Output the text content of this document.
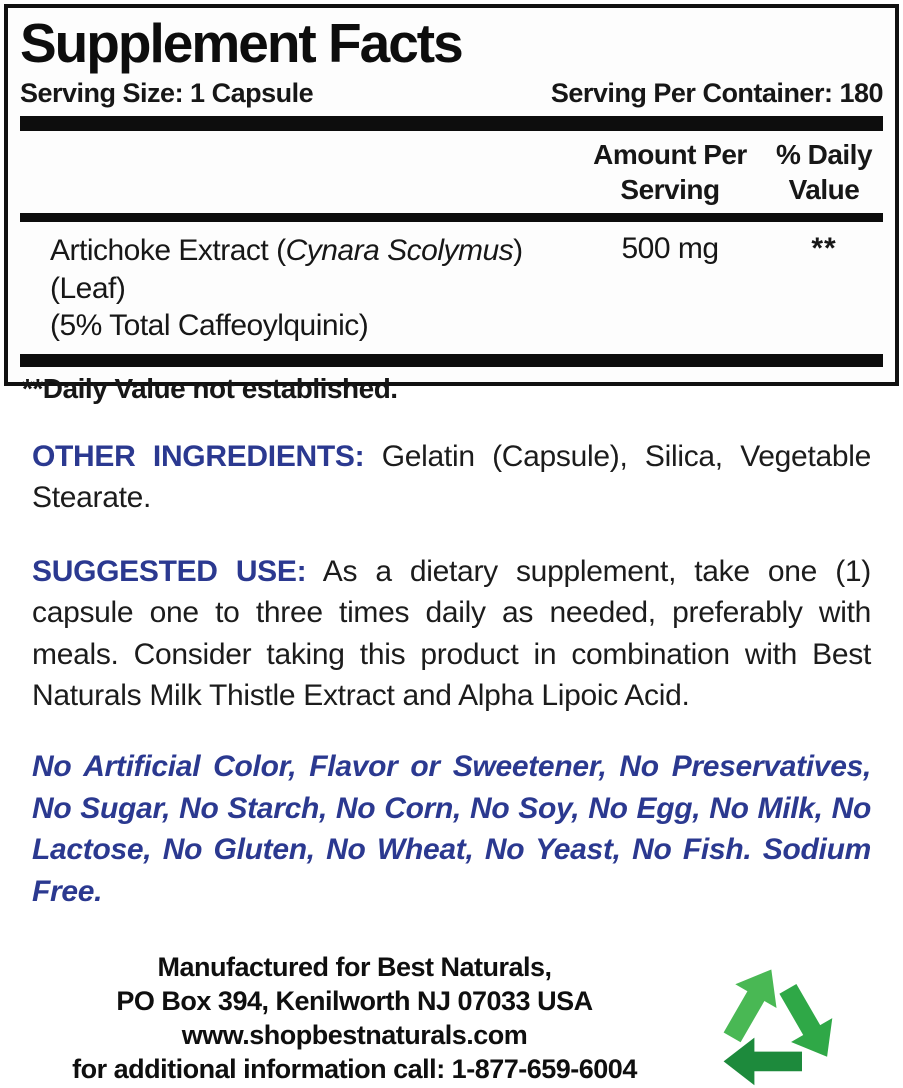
Supplement Facts
Serving Size: 1 Capsule	Serving Per Container: 180
Amount Per
Serving
% Daily
Value
Artichoke Extract (Cynara Scolymus) (Leaf)
(5% Total Caffeoylquinic)
500 mg	**
**Daily Value not established.

OTHER INGREDIENTS: Gelatin (Capsule), Silica, Vegetable Stearate.

SUGGESTED USE: As a dietary supplement, take one (1) capsule one to three times daily as needed, preferably with meals. Consider taking this product in combination with Best Naturals Milk Thistle Extract and Alpha Lipoic Acid.

No Artificial Color, Flavor or Sweetener, No Preservatives, No Sugar, No Starch, No Corn, No Soy, No Egg, No Milk, No Lactose, No Gluten, No Wheat, No Yeast, No Fish. Sodium Free.

Manufactured for Best Naturals,
PO Box 394, Kenilworth NJ 07033 USA
www.shopbestnaturals.com
for additional information call: 1-877-659-6004
